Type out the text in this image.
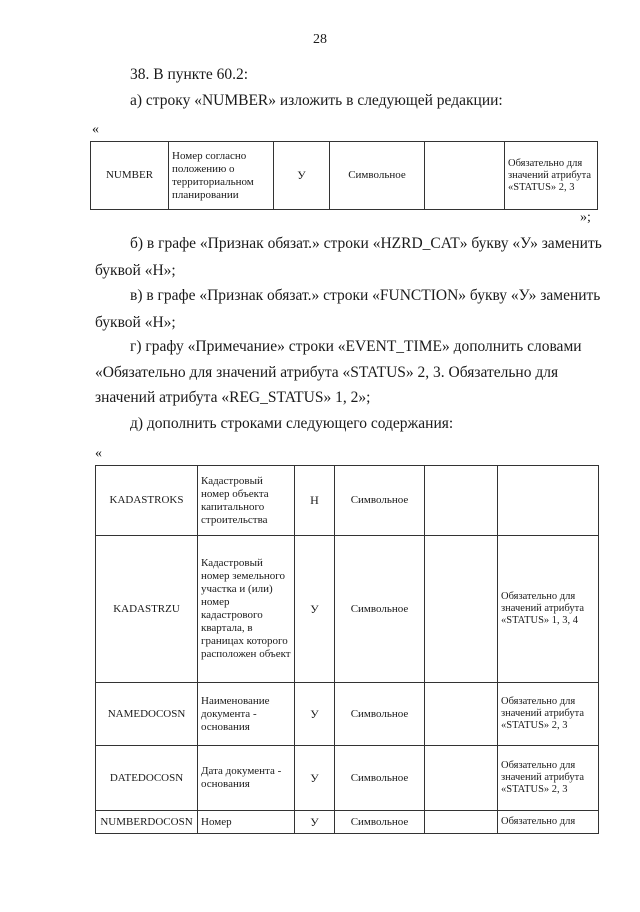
28
38. В пункте 60.2:
а) строку «NUMBER» изложить в следующей редакции:
«
NUMBER	Номер согласно положению о территориальном планировании	У	Символьное		Обязательно для значений атрибута «STATUS» 2, 3
»;
б) в графе «Признак обязат.» строки «HZRD_CAT» букву «У» заменить
буквой «Н»;
в) в графе «Признак обязат.» строки «FUNCTION» букву «У» заменить
буквой «Н»;
г) графу «Примечание» строки «EVENT_TIME» дополнить словами
«Обязательно для значений атрибута «STATUS» 2, 3. Обязательно для
значений атрибута «REG_STATUS» 1, 2»;
д) дополнить строками следующего содержания:
«
KADASTROKS	Кадастровый номер объекта капитального строительства	Н	Символьное		
KADASTRZU	Кадастровый номер земельного участка и (или) номер кадастрового квартала, в границах которого расположен объект	У	Символьное		Обязательно для значений атрибута «STATUS» 1, 3, 4
NAMEDOCOSN	Наименование документа - основания	У	Символьное		Обязательно для значений атрибута «STATUS» 2, 3
DATEDOCOSN	Дата документа - основания	У	Символьное		Обязательно для значений атрибута «STATUS» 2, 3
NUMBERDOCOSN	Номер	У	Символьное		Обязательно для
